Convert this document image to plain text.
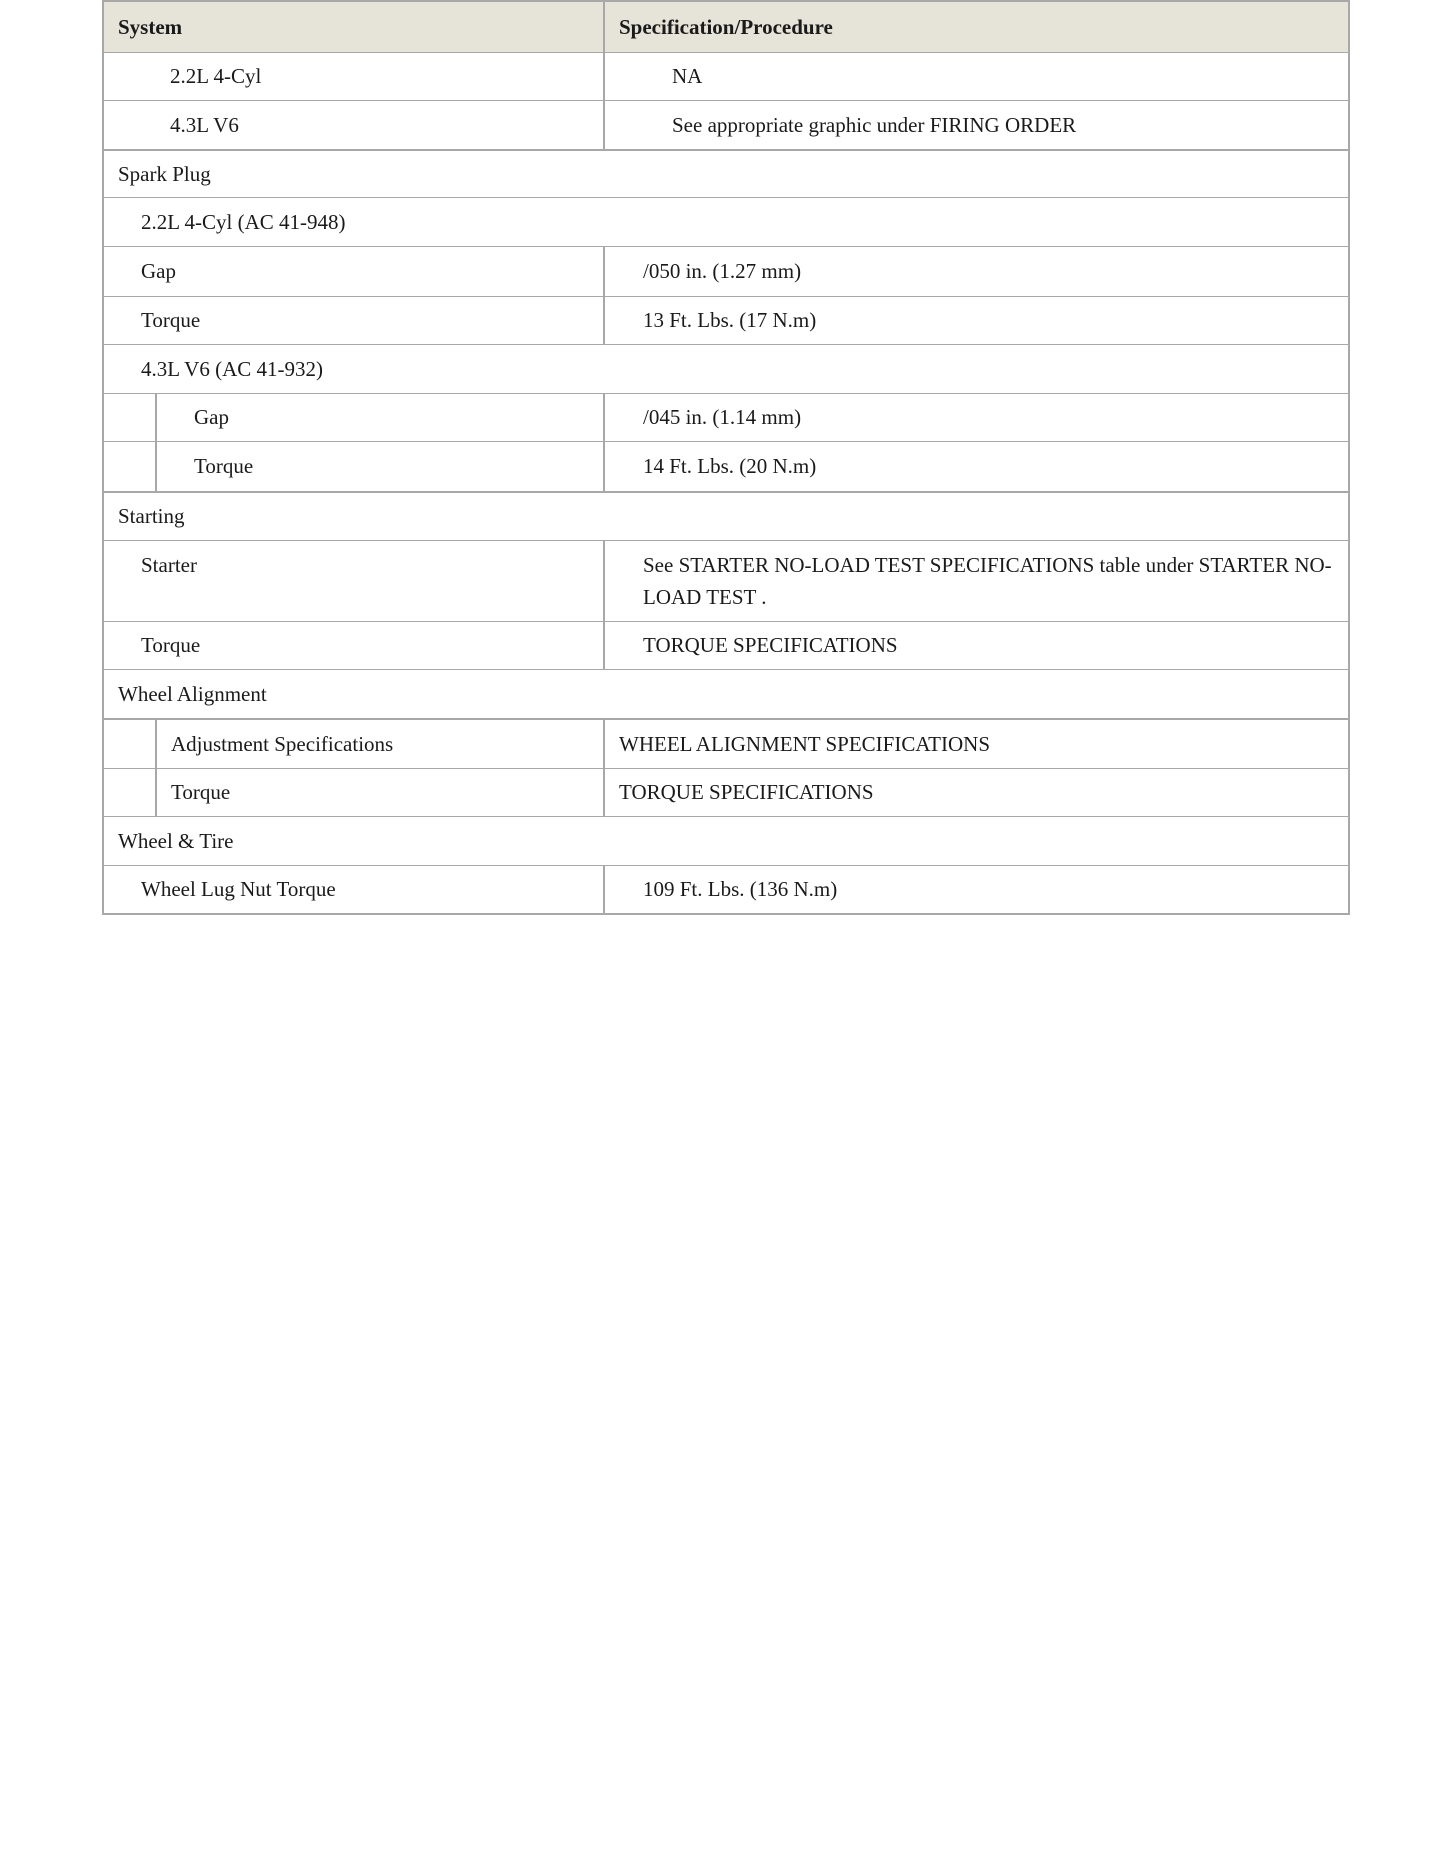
System	Specification/Procedure
2.2L 4-Cyl	NA
4.3L V6	See appropriate graphic under FIRING ORDER
Spark Plug
2.2L 4-Cyl (AC 41-948)
Gap	/050 in. (1.27 mm)
Torque	13 Ft. Lbs. (17 N.m)
4.3L V6 (AC 41-932)
Gap	/045 in. (1.14 mm)
Torque	14 Ft. Lbs. (20 N.m)
Starting
Starter	See STARTER NO-LOAD TEST SPECIFICATIONS table under STARTER NO-LOAD TEST .
Torque	TORQUE SPECIFICATIONS
Wheel Alignment
Adjustment Specifications	WHEEL ALIGNMENT SPECIFICATIONS
Torque	TORQUE SPECIFICATIONS
Wheel & Tire
Wheel Lug Nut Torque	109 Ft. Lbs. (136 N.m)
